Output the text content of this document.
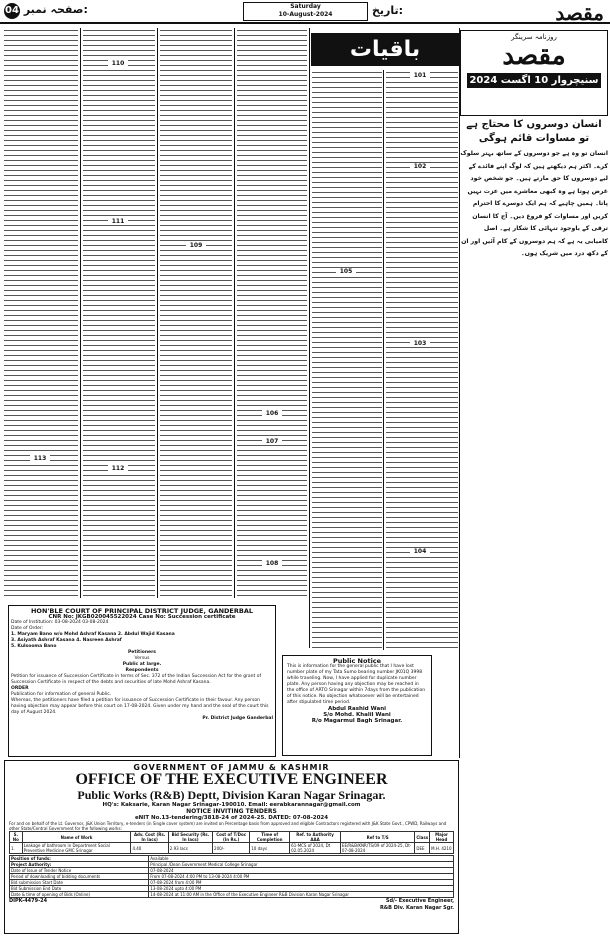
مقصد
تاریخ:
Saturday
10-August-2024
04 صفحہ نمبر:
101
102
103
104
105
106
107
108
109
110
111
112
113
باقیات	روزنامہ سرینگر
مقصد
سنیچروار 10 اگست 2024
انسان دوسروں کا محتاج ہے تو مساوات قائم ہوگی
انسان تو وہ ہے جو دوسروں کے ساتھ بہتر سلوک کرے۔ اکثر ہم دیکھتے ہیں کہ لوگ اپنے فائدے کے لیے دوسروں کا حق مارتے ہیں۔ جو شخص خود غرض ہوتا ہے وہ کبھی معاشرے میں عزت نہیں پاتا۔ ہمیں چاہیے کہ ہم ایک دوسرے کا احترام کریں اور مساوات کو فروغ دیں۔ آج کا انسان ترقی کے باوجود تنہائی کا شکار ہے۔ اصل کامیابی یہ ہے کہ ہم دوسروں کے کام آئیں اور ان کے دکھ درد میں شریک ہوں۔
HON'BLE COURT OF PRINCIPAL DISTRICT JUDGE, GANDERBAL
CNR No: JKGB020045522024 Case No: Succession certificate
Date of Institution: 03-08-2024 03-08-2024
Date of Order:
1. Maryam Bano w/o Mohd Ashraf Kasana 2. Abdul Wajid Kasana
3. Asiyath Ashraf Kasana 4. Nasreen Ashraf
5. Kulsooma Bano
Petitioners
Versus
Public at large.
Respondents
Petition for issuance of Succession Certificate in terms of Sec. 372 of the Indian Succession Act for the grant of Succession Certificate in respect of the debts and securities of late Mohd Ashraf Kasana.
ORDER
Publication for information of general Public.
Whereas, the petitioners have filed a petition for issuance of Succession Certificate in their favour. Any person having objection may appear before this court on 17-08-2024. Given under my hand and the seal of the court this day of August 2024.
Pr. District Judge Ganderbal
Public Notice
This is information for the general public that I have lost number plate of my Tata Sumo bearing number JK01Q 3998 while traveling. Now, I have applied for duplicate number plate. Any person having any objection may be reached in the office of ARTO Srinagar within 7days from the publication of this notice. No objection whatsoever will be entertained after stipulated time period.
Abdul Rashid Wani
S/o Mohd. Khalil Wani
R/o Magarmul Bagh Srinagar.
GOVERNMENT OF JAMMU & KASHMIR
OFFICE OF THE EXECUTIVE ENGINEER
Public Works (R&B) Deptt, Division Karan Nagar Srinagar.
HQ's: Kaksarie, Karan Nagar Srinagar-190010. Email: eerabkarannagar@gmail.com
NOTICE INVITING TENDERS
eNIT No.13-tendering/3818-24 of 2024-25. DATED: 07-08-2024
For and on behalf of the Lt. Governor, J&K Union Territory, e-tenders (in Single cover system) are invited on Percentage basis from approved and eligible Contractors registered with J&K State Govt., CPWD, Railways and other State/Central Government for the following works:
S. No	Name of Work	Adv. Cost (Rs. In lacs)	Bid Security (Rs. In lacs)	Cost of T/Doc (In Rs.)	Time of Completion	Ref. to Authority AAA	Ref to T/S	Class	Major Head
1.	Leakage of bathroom in Department Social Preventive Medicine GMC Srinagar	4.40	2.93 lacs	200/-	10 days	61-MCS of 2024, Dt 02.05.2024	EE/R&B/KNR/TS/09 of 2024-25, Dt-07-08-2024	DEE	M.H. 4210
Position of funds:	Available
Project Authority:	Principal /Dean Government Medical College Srinagar
Date of Issue of Tender Notice	07-08-2024
Period of downloading of bidding documents	From 07-08-2024 4:00 PM to 13-08-2024 4:00 PM
Bid submission Start Date	07-08-2024 from 4:00 PM
Bid Submission End Date	13-08-2024 upto 4:00 PM
Date & time of opening of Bids (Online)	14-08-2024 at 11:00 AM in the Office of the Executive Engineer R&B Division Karan Nagar Srinagar
DIPK-4479-24	Sd/- Executive Engineer,
R&B Div. Karan Nagar Sgr.
